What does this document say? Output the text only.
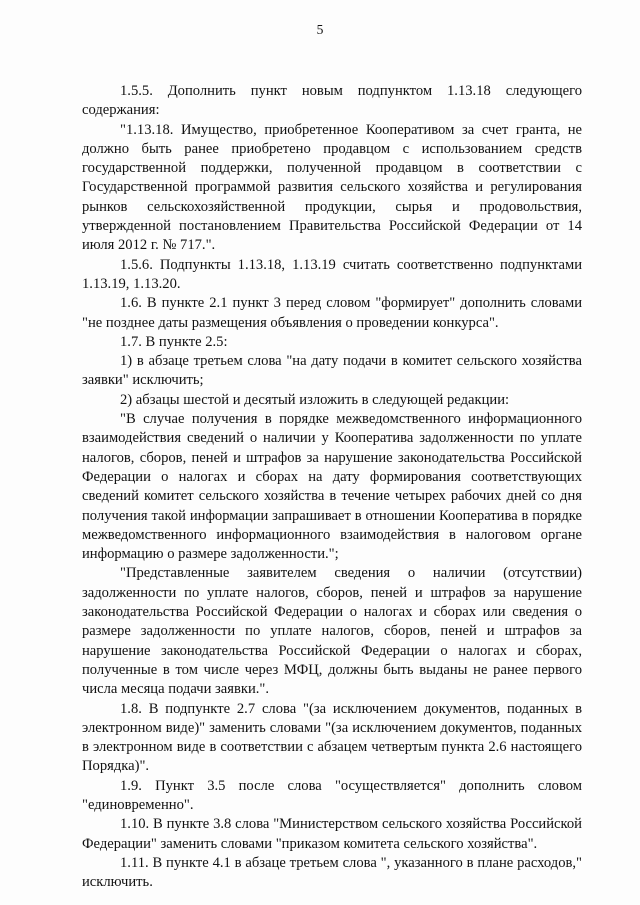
5

1.5.5. Дополнить пункт новым подпунктом 1.13.18 следующего содержания:

"1.13.18. Имущество, приобретенное Кооперативом за счет гранта, не должно быть ранее приобретено продавцом с использованием средств государственной поддержки, полученной продавцом в соответствии с Государственной программой развития сельского хозяйства и регулирования рынков сельскохозяйственной продукции, сырья и продовольствия, утвержденной постановлением Правительства Российской Федерации от 14 июля 2012 г. № 717.".

1.5.6. Подпункты 1.13.18, 1.13.19 считать соответственно подпунктами 1.13.19, 1.13.20.

1.6. В пункте 2.1 пункт 3 перед словом "формирует" дополнить словами "не позднее даты размещения объявления о проведении конкурса".

1.7. В пункте 2.5:

1) в абзаце третьем слова "на дату подачи в комитет сельского хозяйства заявки" исключить;

2) абзацы шестой и десятый изложить в следующей редакции:

"В случае получения в порядке межведомственного информационного взаимодействия сведений о наличии у Кооператива задолженности по уплате налогов, сборов, пеней и штрафов за нарушение законодательства Российской Федерации о налогах и сборах на дату формирования соответствующих сведений комитет сельского хозяйства в течение четырех рабочих дней со дня получения такой информации запрашивает в отношении Кооператива в порядке межведомственного информационного взаимодействия в налоговом органе информацию о размере задолженности.";

"Представленные заявителем сведения о наличии (отсутствии) задолженности по уплате налогов, сборов, пеней и штрафов за нарушение законодательства Российской Федерации о налогах и сборах или сведения о размере задолженности по уплате налогов, сборов, пеней и штрафов за нарушение законодательства Российской Федерации о налогах и сборах, полученные в том числе через МФЦ, должны быть выданы не ранее первого числа месяца подачи заявки.".

1.8. В подпункте 2.7 слова "(за исключением документов, поданных в электронном виде)" заменить словами "(за исключением документов, поданных в электронном виде в соответствии с абзацем четвертым пункта 2.6 настоящего Порядка)".

1.9. Пункт 3.5 после слова "осуществляется" дополнить словом "единовременно".

1.10. В пункте 3.8 слова "Министерством сельского хозяйства Российской Федерации" заменить словами "приказом комитета сельского хозяйства".

1.11. В пункте 4.1 в абзаце третьем слова ", указанного в плане расходов," исключить.
